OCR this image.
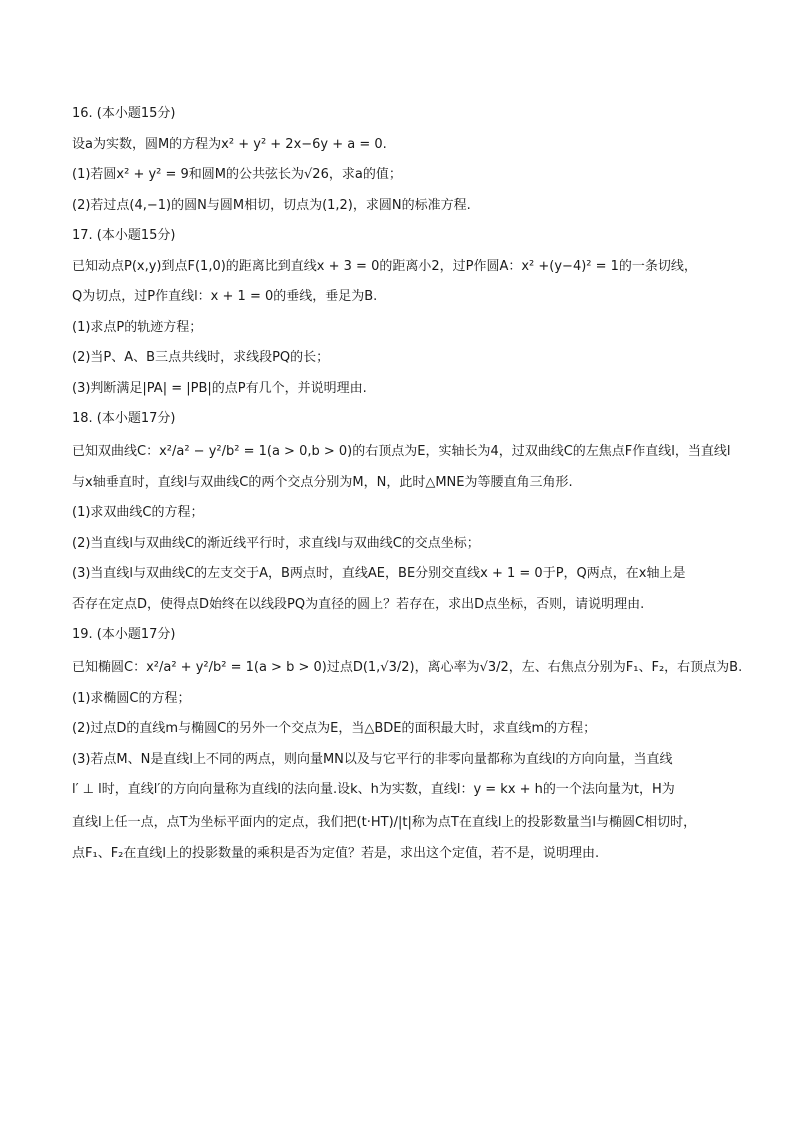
16. (本小题15分)
设a为实数，圆M的方程为x² + y² + 2x−6y + a = 0.
(1)若圆x² + y² = 9和圆M的公共弦长为√26，求a的值；
(2)若过点(4,−1)的圆N与圆M相切，切点为(1,2)，求圆N的标准方程.
17. (本小题15分)
已知动点P(x,y)到点F(1,0)的距离比到直线x + 3 = 0的距离小2，过P作圆A：x² +(y−4)² = 1的一条切线，
Q为切点，过P作直线l：x + 1 = 0的垂线，垂足为B.
(1)求点P的轨迹方程；
(2)当P、A、B三点共线时，求线段PQ的长；
(3)判断满足|PA| = |PB|的点P有几个，并说明理由.
18. (本小题17分)
已知双曲线C：x²/a² − y²/b² = 1(a > 0,b > 0)的右顶点为E，实轴长为4，过双曲线C的左焦点F作直线l，当直线l
与x轴垂直时，直线l与双曲线C的两个交点分别为M，N，此时△MNE为等腰直角三角形.
(1)求双曲线C的方程；
(2)当直线l与双曲线C的渐近线平行时，求直线l与双曲线C的交点坐标；
(3)当直线l与双曲线C的左支交于A，B两点时，直线AE，BE分别交直线x + 1 = 0于P，Q两点，在x轴上是
否存在定点D，使得点D始终在以线段PQ为直径的圆上？若存在，求出D点坐标，否则，请说明理由.
19. (本小题17分)
已知椭圆C：x²/a² + y²/b² = 1(a > b > 0)过点D(1,√3/2)，离心率为√3/2，左、右焦点分别为F₁、F₂，右顶点为B.
(1)求椭圆C的方程；
(2)过点D的直线m与椭圆C的另外一个交点为E，当△BDE的面积最大时，求直线m的方程；
(3)若点M、N是直线l上不同的两点，则向量MN以及与它平行的非零向量都称为直线l的方向向量，当直线
l′ ⊥ l时，直线l′的方向向量称为直线l的法向量.设k、h为实数，直线l：y = kx + h的一个法向量为t，H为
直线l上任一点，点T为坐标平面内的定点，我们把(t·HT)/|t|称为点T在直线l上的投影数量当l与椭圆C相切时，
点F₁、F₂在直线l上的投影数量的乘积是否为定值？若是，求出这个定值，若不是，说明理由.
